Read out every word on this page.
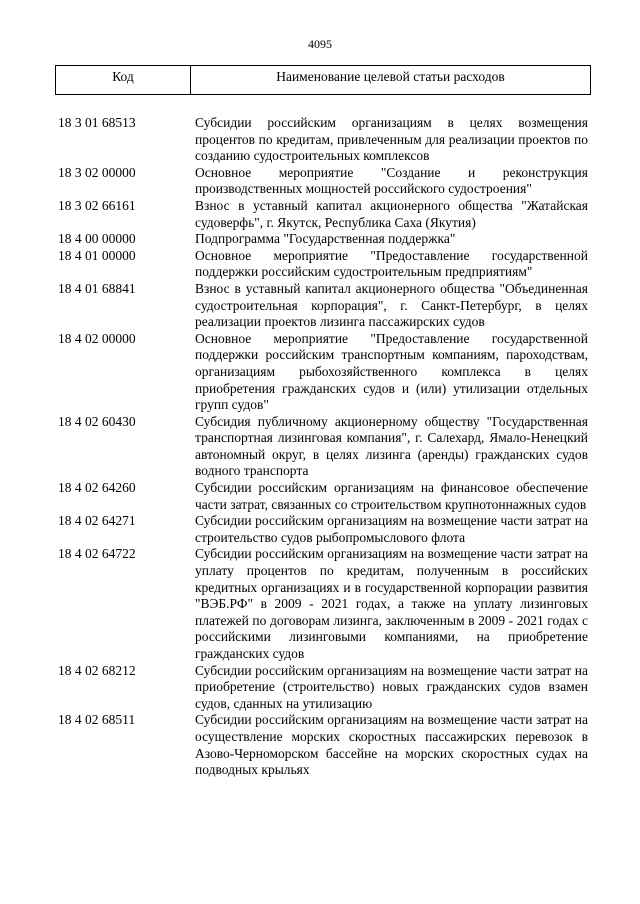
4095
Код	Наименование целевой статьи расходов
18 3 01 68513	Субсидии российским организациям в целях возмещения процентов по кредитам, привлеченным для реализации проектов по созданию судостроительных комплексов
18 3 02 00000	Основное мероприятие "Создание и реконструкция производственных мощностей российского судостроения"
18 3 02 66161	Взнос в уставный капитал акционерного общества "Жатайская судоверфь", г. Якутск, Республика Саха (Якутия)
18 4 00 00000	Подпрограмма "Государственная поддержка"
18 4 01 00000	Основное мероприятие "Предоставление государственной поддержки российским судостроительным предприятиям"
18 4 01 68841	Взнос в уставный капитал акционерного общества "Объединенная судостроительная корпорация", г. Санкт-Петербург, в целях реализации проектов лизинга пассажирских судов
18 4 02 00000	Основное мероприятие "Предоставление государственной поддержки российским транспортным компаниям, пароходствам, организациям рыбохозяйственного комплекса в целях приобретения гражданских судов и (или) утилизации отдельных групп судов"
18 4 02 60430	Субсидия публичному акционерному обществу "Государственная транспортная лизинговая компания", г. Салехард, Ямало-Ненецкий автономный округ, в целях лизинга (аренды) гражданских судов водного транспорта
18 4 02 64260	Субсидии российским организациям на финансовое обеспечение части затрат, связанных со строительством крупнотоннажных судов
18 4 02 64271	Субсидии российским организациям на возмещение части затрат на строительство судов рыбопромыслового флота
18 4 02 64722	Субсидии российским организациям на возмещение части затрат на уплату процентов по кредитам, полученным в российских кредитных организациях и в государственной корпорации развития "ВЭБ.РФ" в 2009 - 2021 годах, а также на уплату лизинговых платежей по договорам лизинга, заключенным в 2009 - 2021 годах с российскими лизинговыми компаниями, на приобретение гражданских судов
18 4 02 68212	Субсидии российским организациям на возмещение части затрат на приобретение (строительство) новых гражданских судов взамен судов, сданных на утилизацию
18 4 02 68511	Субсидии российским организациям на возмещение части затрат на осуществление морских скоростных пассажирских перевозок в Азово-Черноморском бассейне на морских скоростных судах на подводных крыльях
